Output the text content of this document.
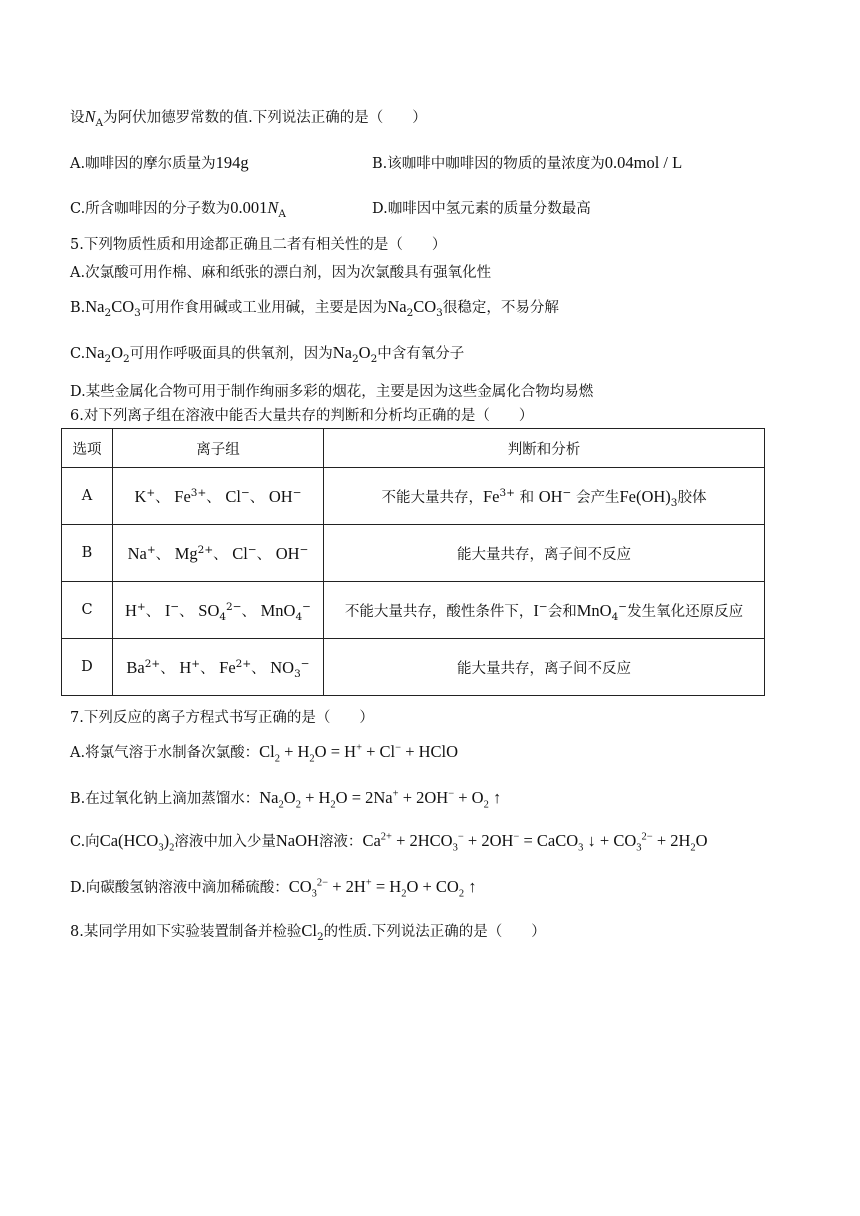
设$N_A$为阿伏加德罗常数的值.下列说法正确的是（　　）
A.咖啡因的摩尔质量为194g	B.该咖啡中咖啡因的物质的量浓度为0.04mol / L
C.所含咖啡因的分子数为$0.001N_A$	D.咖啡因中氢元素的质量分数最高
5.下列物质性质和用途都正确且二者有相关性的是（　　）
A.次氯酸可用作棉、麻和纸张的漂白剂，因为次氯酸具有强氧化性
$B.Na_2CO_3$可用作食用碱或工业用碱，主要是因为$Na_2CO_3$很稳定，不易分解
$C.Na_2O_2$可用作呼吸面具的供氧剂，因为$Na_2O_2$中含有氧分子
D.某些金属化合物可用于制作绚丽多彩的烟花，主要是因为这些金属化合物均易燃
6.对下列离子组在溶液中能否大量共存的判断和分析均正确的是（　　）
选项	离子组	判断和分析
A	K+、 $Fe^{3+}$、 Cl−、 OH−	不能大量共存，$Fe^{3+}$ 和 OH− 会产生$Fe(OH)_3$胶体
B	Na+、 $Mg^{2+}$、 Cl−、 OH−	能大量共存，离子间不反应
C	H+、 I−、 $SO_4^{2-}$、 MnO$_4$−	不能大量共存，酸性条件下，I−会和MnO$_4$−发生氧化还原反应
D	$Ba^{2+}$、 H+、 $Fe^{2+}$、 $NO_3^-$	能大量共存，离子间不反应
7.下列反应的离子方程式书写正确的是（　　）
A.将氯气溶于水制备次氯酸：$Cl_2 + H_2O = H^+ + Cl^-$ + HClO
B.在过氧化钠上滴加蒸馏水：$Na_2O_2 + H_2O = 2Na^+ + 2OH^- + O_2$ ↑
C.向$Ca(HCO_3)_2$溶液中加入少量NaOH溶液：$Ca^{2+} + 2HCO_3^- + 2OH^-$ = CaCO$_3$ ↓ + $CO_3^{2-} + 2H_2O$
D.向碳酸氢钠溶液中滴加稀硫酸：$CO_3^{2-} + 2H^+ = H_2O + CO_2$ ↑
8.某同学用如下实验装置制备并检验$Cl_2$的性质.下列说法正确的是（　　）
